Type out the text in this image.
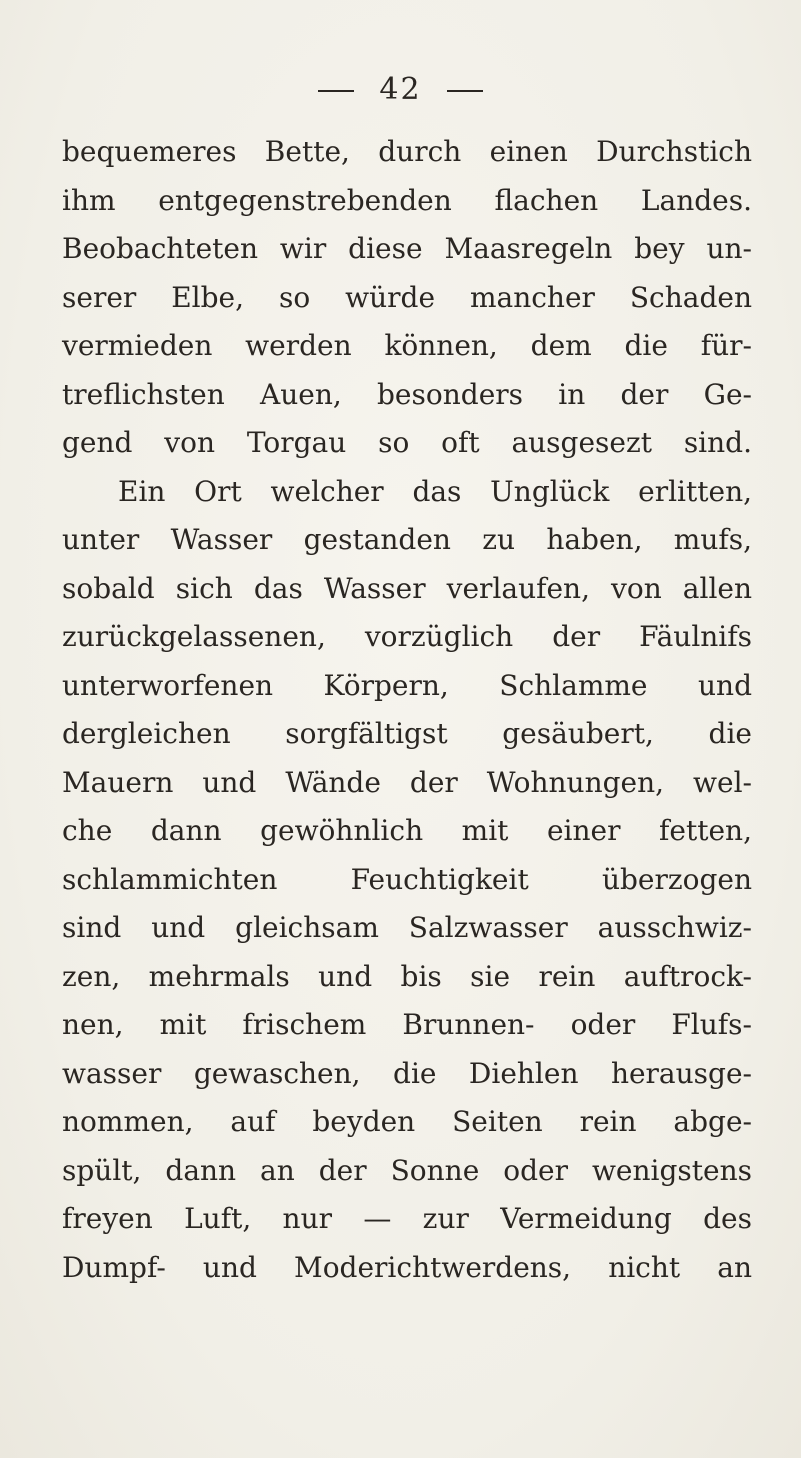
42
bequemeres Bette, durch einen Durchstich
ihm entgegenstrebenden flachen Landes.
Beobachteten wir diese Maasregeln bey un-
serer Elbe, so würde mancher Schaden
vermieden werden können, dem die für-
treflichsten Auen, besonders in der Ge-
gend von Torgau so oft ausgesezt sind.
Ein Ort welcher das Unglück erlitten,
unter Wasser gestanden zu haben, mufs,
sobald sich das Wasser verlaufen, von allen
zurückgelassenen, vorzüglich der Fäulnifs
unterworfenen Körpern, Schlamme und
dergleichen sorgfältigst gesäubert, die
Mauern und Wände der Wohnungen, wel-
che dann gewöhnlich mit einer fetten,
schlammichten Feuchtigkeit überzogen
sind und gleichsam Salzwasser ausschwiz-
zen, mehrmals und bis sie rein auftrock-
nen, mit frischem Brunnen- oder Flufs-
wasser gewaschen, die Diehlen herausge-
nommen, auf beyden Seiten rein abge-
spült, dann an der Sonne oder wenigstens
freyen Luft, nur — zur Vermeidung des
Dumpf- und Moderichtwerdens, nicht an
